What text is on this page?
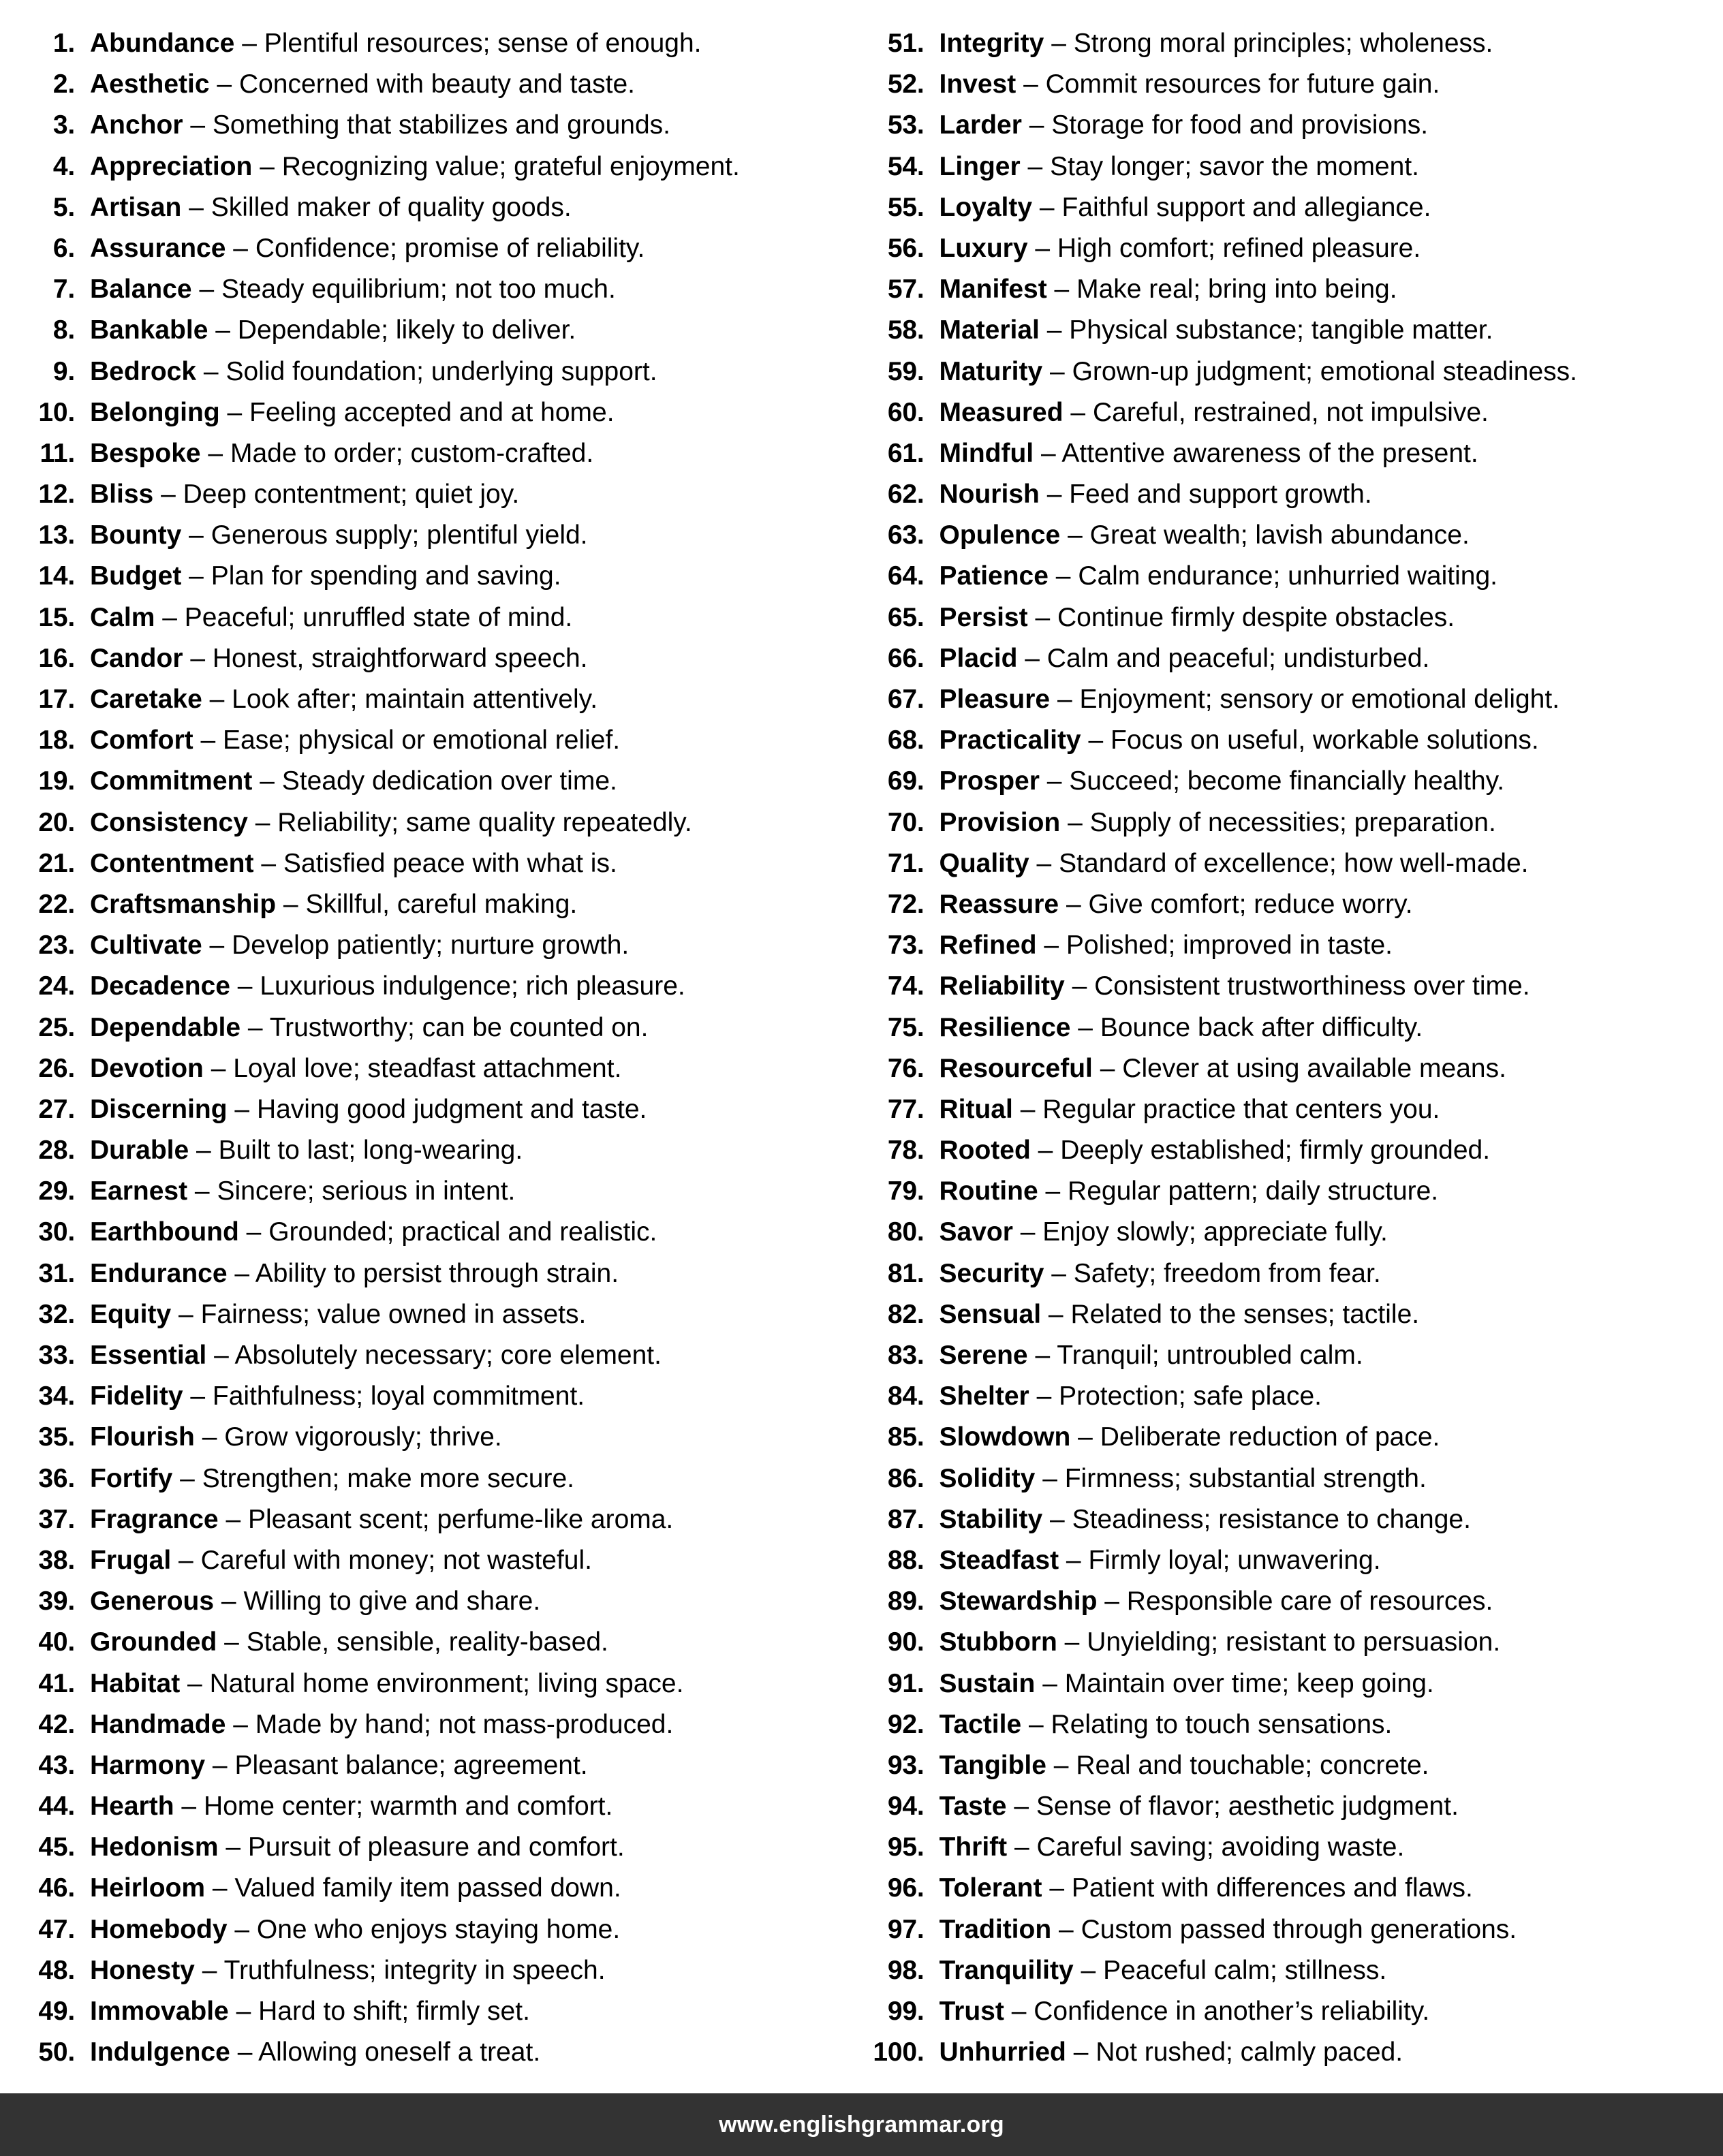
1. Abundance – Plentiful resources; sense of enough.
2. Aesthetic – Concerned with beauty and taste.
3. Anchor – Something that stabilizes and grounds.
4. Appreciation – Recognizing value; grateful enjoyment.
5. Artisan – Skilled maker of quality goods.
6. Assurance – Confidence; promise of reliability.
7. Balance – Steady equilibrium; not too much.
8. Bankable – Dependable; likely to deliver.
9. Bedrock – Solid foundation; underlying support.
10. Belonging – Feeling accepted and at home.
11. Bespoke – Made to order; custom-crafted.
12. Bliss – Deep contentment; quiet joy.
13. Bounty – Generous supply; plentiful yield.
14. Budget – Plan for spending and saving.
15. Calm – Peaceful; unruffled state of mind.
16. Candor – Honest, straightforward speech.
17. Caretake – Look after; maintain attentively.
18. Comfort – Ease; physical or emotional relief.
19. Commitment – Steady dedication over time.
20. Consistency – Reliability; same quality repeatedly.
21. Contentment – Satisfied peace with what is.
22. Craftsmanship – Skillful, careful making.
23. Cultivate – Develop patiently; nurture growth.
24. Decadence – Luxurious indulgence; rich pleasure.
25. Dependable – Trustworthy; can be counted on.
26. Devotion – Loyal love; steadfast attachment.
27. Discerning – Having good judgment and taste.
28. Durable – Built to last; long-wearing.
29. Earnest – Sincere; serious in intent.
30. Earthbound – Grounded; practical and realistic.
31. Endurance – Ability to persist through strain.
32. Equity – Fairness; value owned in assets.
33. Essential – Absolutely necessary; core element.
34. Fidelity – Faithfulness; loyal commitment.
35. Flourish – Grow vigorously; thrive.
36. Fortify – Strengthen; make more secure.
37. Fragrance – Pleasant scent; perfume-like aroma.
38. Frugal – Careful with money; not wasteful.
39. Generous – Willing to give and share.
40. Grounded – Stable, sensible, reality-based.
41. Habitat – Natural home environment; living space.
42. Handmade – Made by hand; not mass-produced.
43. Harmony – Pleasant balance; agreement.
44. Hearth – Home center; warmth and comfort.
45. Hedonism – Pursuit of pleasure and comfort.
46. Heirloom – Valued family item passed down.
47. Homebody – One who enjoys staying home.
48. Honesty – Truthfulness; integrity in speech.
49. Immovable – Hard to shift; firmly set.
50. Indulgence – Allowing oneself a treat.
51. Integrity – Strong moral principles; wholeness.
52. Invest – Commit resources for future gain.
53. Larder – Storage for food and provisions.
54. Linger – Stay longer; savor the moment.
55. Loyalty – Faithful support and allegiance.
56. Luxury – High comfort; refined pleasure.
57. Manifest – Make real; bring into being.
58. Material – Physical substance; tangible matter.
59. Maturity – Grown-up judgment; emotional steadiness.
60. Measured – Careful, restrained, not impulsive.
61. Mindful – Attentive awareness of the present.
62. Nourish – Feed and support growth.
63. Opulence – Great wealth; lavish abundance.
64. Patience – Calm endurance; unhurried waiting.
65. Persist – Continue firmly despite obstacles.
66. Placid – Calm and peaceful; undisturbed.
67. Pleasure – Enjoyment; sensory or emotional delight.
68. Practicality – Focus on useful, workable solutions.
69. Prosper – Succeed; become financially healthy.
70. Provision – Supply of necessities; preparation.
71. Quality – Standard of excellence; how well-made.
72. Reassure – Give comfort; reduce worry.
73. Refined – Polished; improved in taste.
74. Reliability – Consistent trustworthiness over time.
75. Resilience – Bounce back after difficulty.
76. Resourceful – Clever at using available means.
77. Ritual – Regular practice that centers you.
78. Rooted – Deeply established; firmly grounded.
79. Routine – Regular pattern; daily structure.
80. Savor – Enjoy slowly; appreciate fully.
81. Security – Safety; freedom from fear.
82. Sensual – Related to the senses; tactile.
83. Serene – Tranquil; untroubled calm.
84. Shelter – Protection; safe place.
85. Slowdown – Deliberate reduction of pace.
86. Solidity – Firmness; substantial strength.
87. Stability – Steadiness; resistance to change.
88. Steadfast – Firmly loyal; unwavering.
89. Stewardship – Responsible care of resources.
90. Stubborn – Unyielding; resistant to persuasion.
91. Sustain – Maintain over time; keep going.
92. Tactile – Relating to touch sensations.
93. Tangible – Real and touchable; concrete.
94. Taste – Sense of flavor; aesthetic judgment.
95. Thrift – Careful saving; avoiding waste.
96. Tolerant – Patient with differences and flaws.
97. Tradition – Custom passed through generations.
98. Tranquility – Peaceful calm; stillness.
99. Trust – Confidence in another’s reliability.
100. Unhurried – Not rushed; calmly paced.
www.englishgrammar.org
